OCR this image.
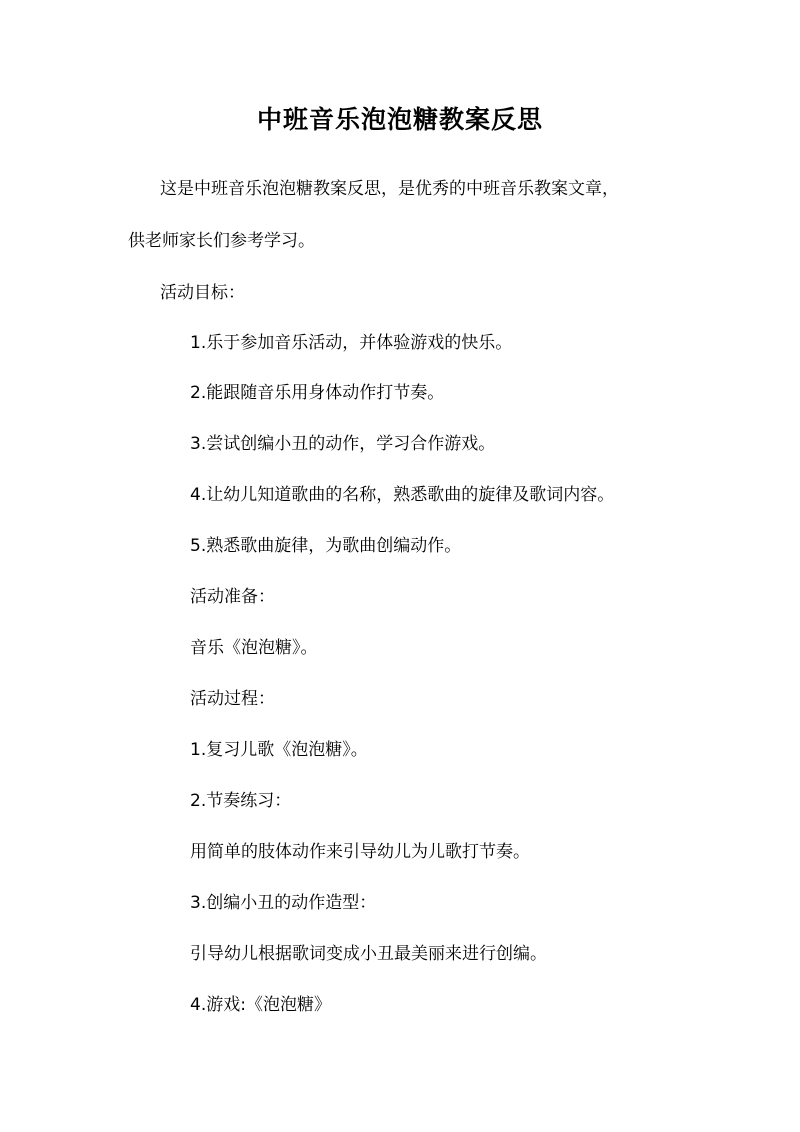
中班音乐泡泡糖教案反思
这是中班音乐泡泡糖教案反思，是优秀的中班音乐教案文章，
供老师家长们参考学习。
活动目标：
1.乐于参加音乐活动，并体验游戏的快乐。
2.能跟随音乐用身体动作打节奏。
3.尝试创编小丑的动作，学习合作游戏。
4.让幼儿知道歌曲的名称，熟悉歌曲的旋律及歌词内容。
5.熟悉歌曲旋律，为歌曲创编动作。
活动准备：
音乐《泡泡糖》。
活动过程：
1.复习儿歌《泡泡糖》。
2.节奏练习：
用简单的肢体动作来引导幼儿为儿歌打节奏。
3.创编小丑的动作造型：
引导幼儿根据歌词变成小丑最美丽来进行创编。
4.游戏:《泡泡糖》
